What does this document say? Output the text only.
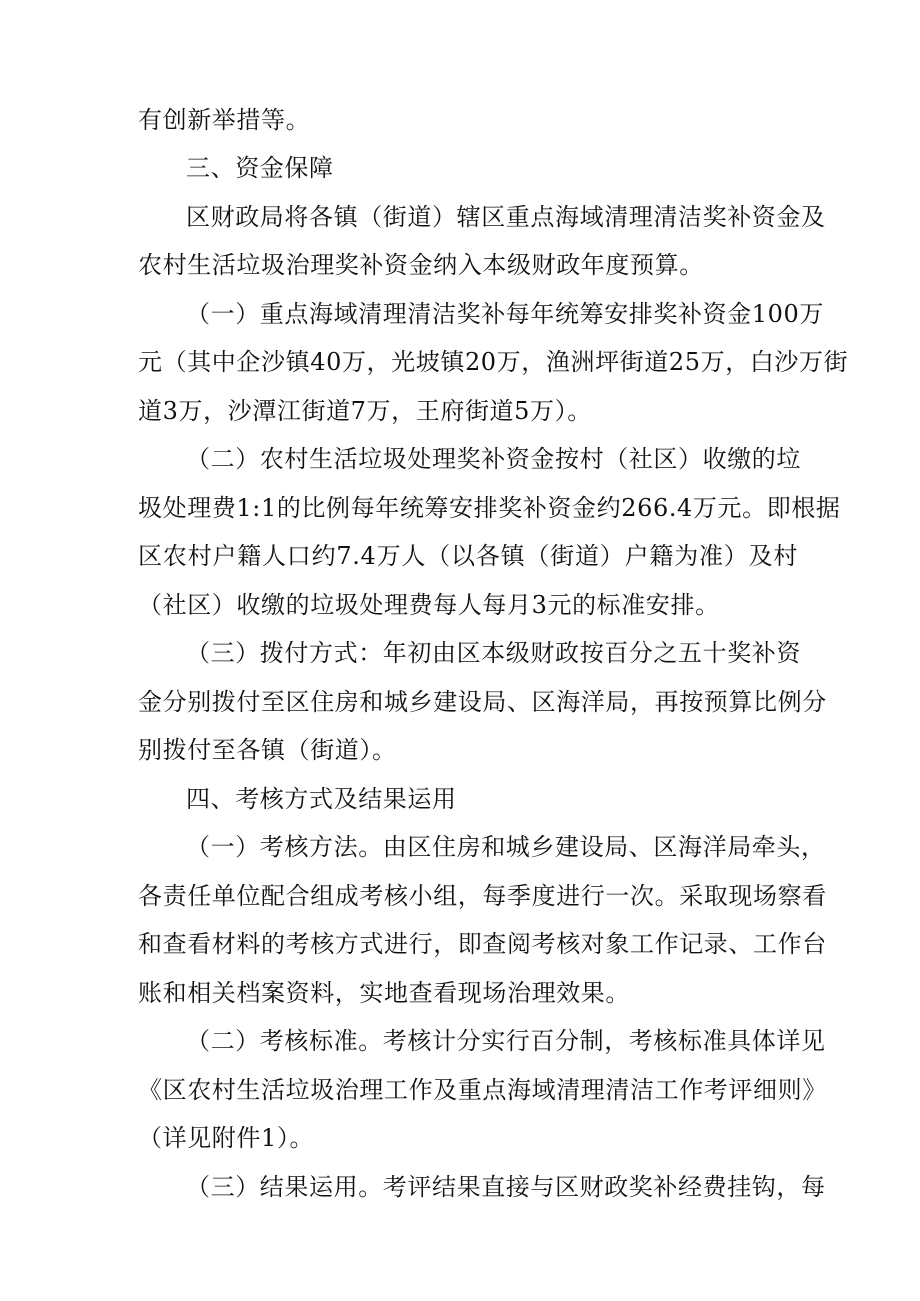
有创新举措等。
三、资金保障
区财政局将各镇（街道）辖区重点海域清理清洁奖补资金及
农村生活垃圾治理奖补资金纳入本级财政年度预算。
（一）重点海域清理清洁奖补每年统筹安排奖补资金100万
元（其中企沙镇40万，光坡镇20万，渔洲坪街道25万，白沙万街
道3万，沙潭江街道7万，王府街道5万）。
（二）农村生活垃圾处理奖补资金按村（社区）收缴的垃
圾处理费1:1的比例每年统筹安排奖补资金约266.4万元。即根据
区农村户籍人口约7.4万人（以各镇（街道）户籍为准）及村
（社区）收缴的垃圾处理费每人每月3元的标准安排。
（三）拨付方式：年初由区本级财政按百分之五十奖补资
金分别拨付至区住房和城乡建设局、区海洋局，再按预算比例分
别拨付至各镇（街道）。
四、考核方式及结果运用
（一）考核方法。由区住房和城乡建设局、区海洋局牵头，
各责任单位配合组成考核小组，每季度进行一次。采取现场察看
和查看材料的考核方式进行，即查阅考核对象工作记录、工作台
账和相关档案资料，实地查看现场治理效果。
（二）考核标准。考核计分实行百分制，考核标准具体详见
《区农村生活垃圾治理工作及重点海域清理清洁工作考评细则》
（详见附件1）。
（三）结果运用。考评结果直接与区财政奖补经费挂钩，每
